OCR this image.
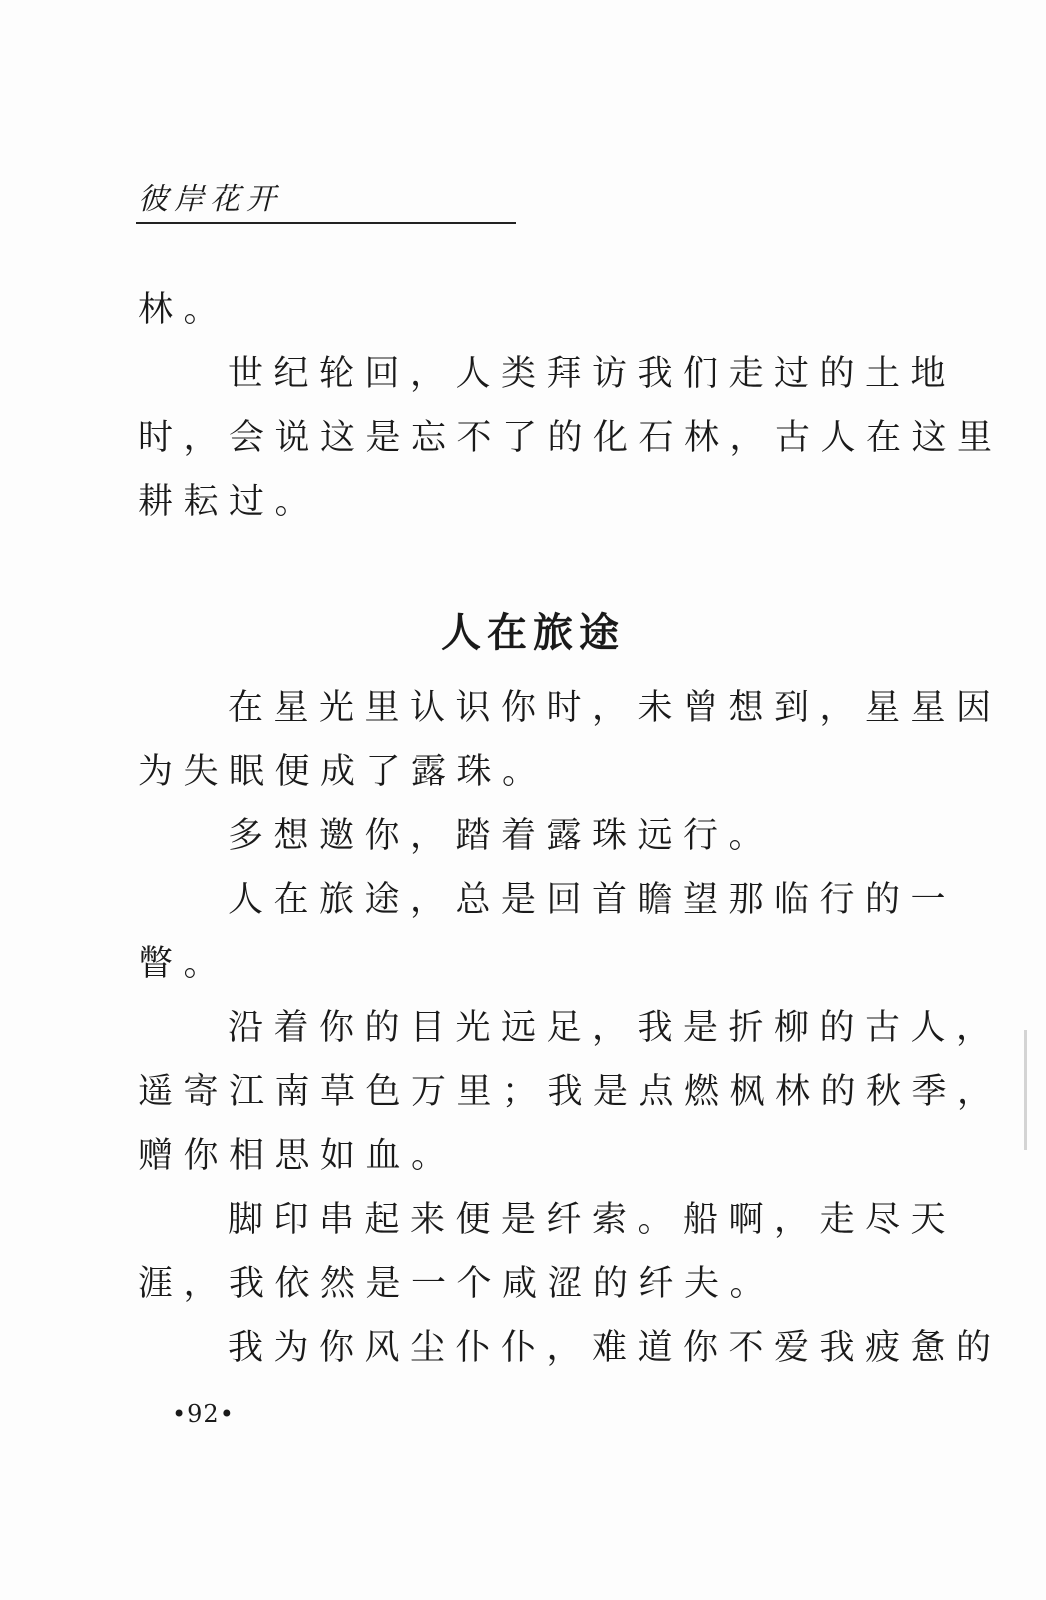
彼岸花开
林。
世纪轮回，人类拜访我们走过的土地
时，会说这是忘不了的化石林，古人在这里
耕耘过。
人在旅途
在星光里认识你时，未曾想到，星星因
为失眠便成了露珠。
多想邀你，踏着露珠远行。
人在旅途，总是回首瞻望那临行的一
瞥。
沿着你的目光远足，我是折柳的古人，
遥寄江南草色万里；我是点燃枫林的秋季，
赠你相思如血。
脚印串起来便是纤索。船啊，走尽天
涯，我依然是一个咸涩的纤夫。
我为你风尘仆仆，难道你不爱我疲惫的
•92•
